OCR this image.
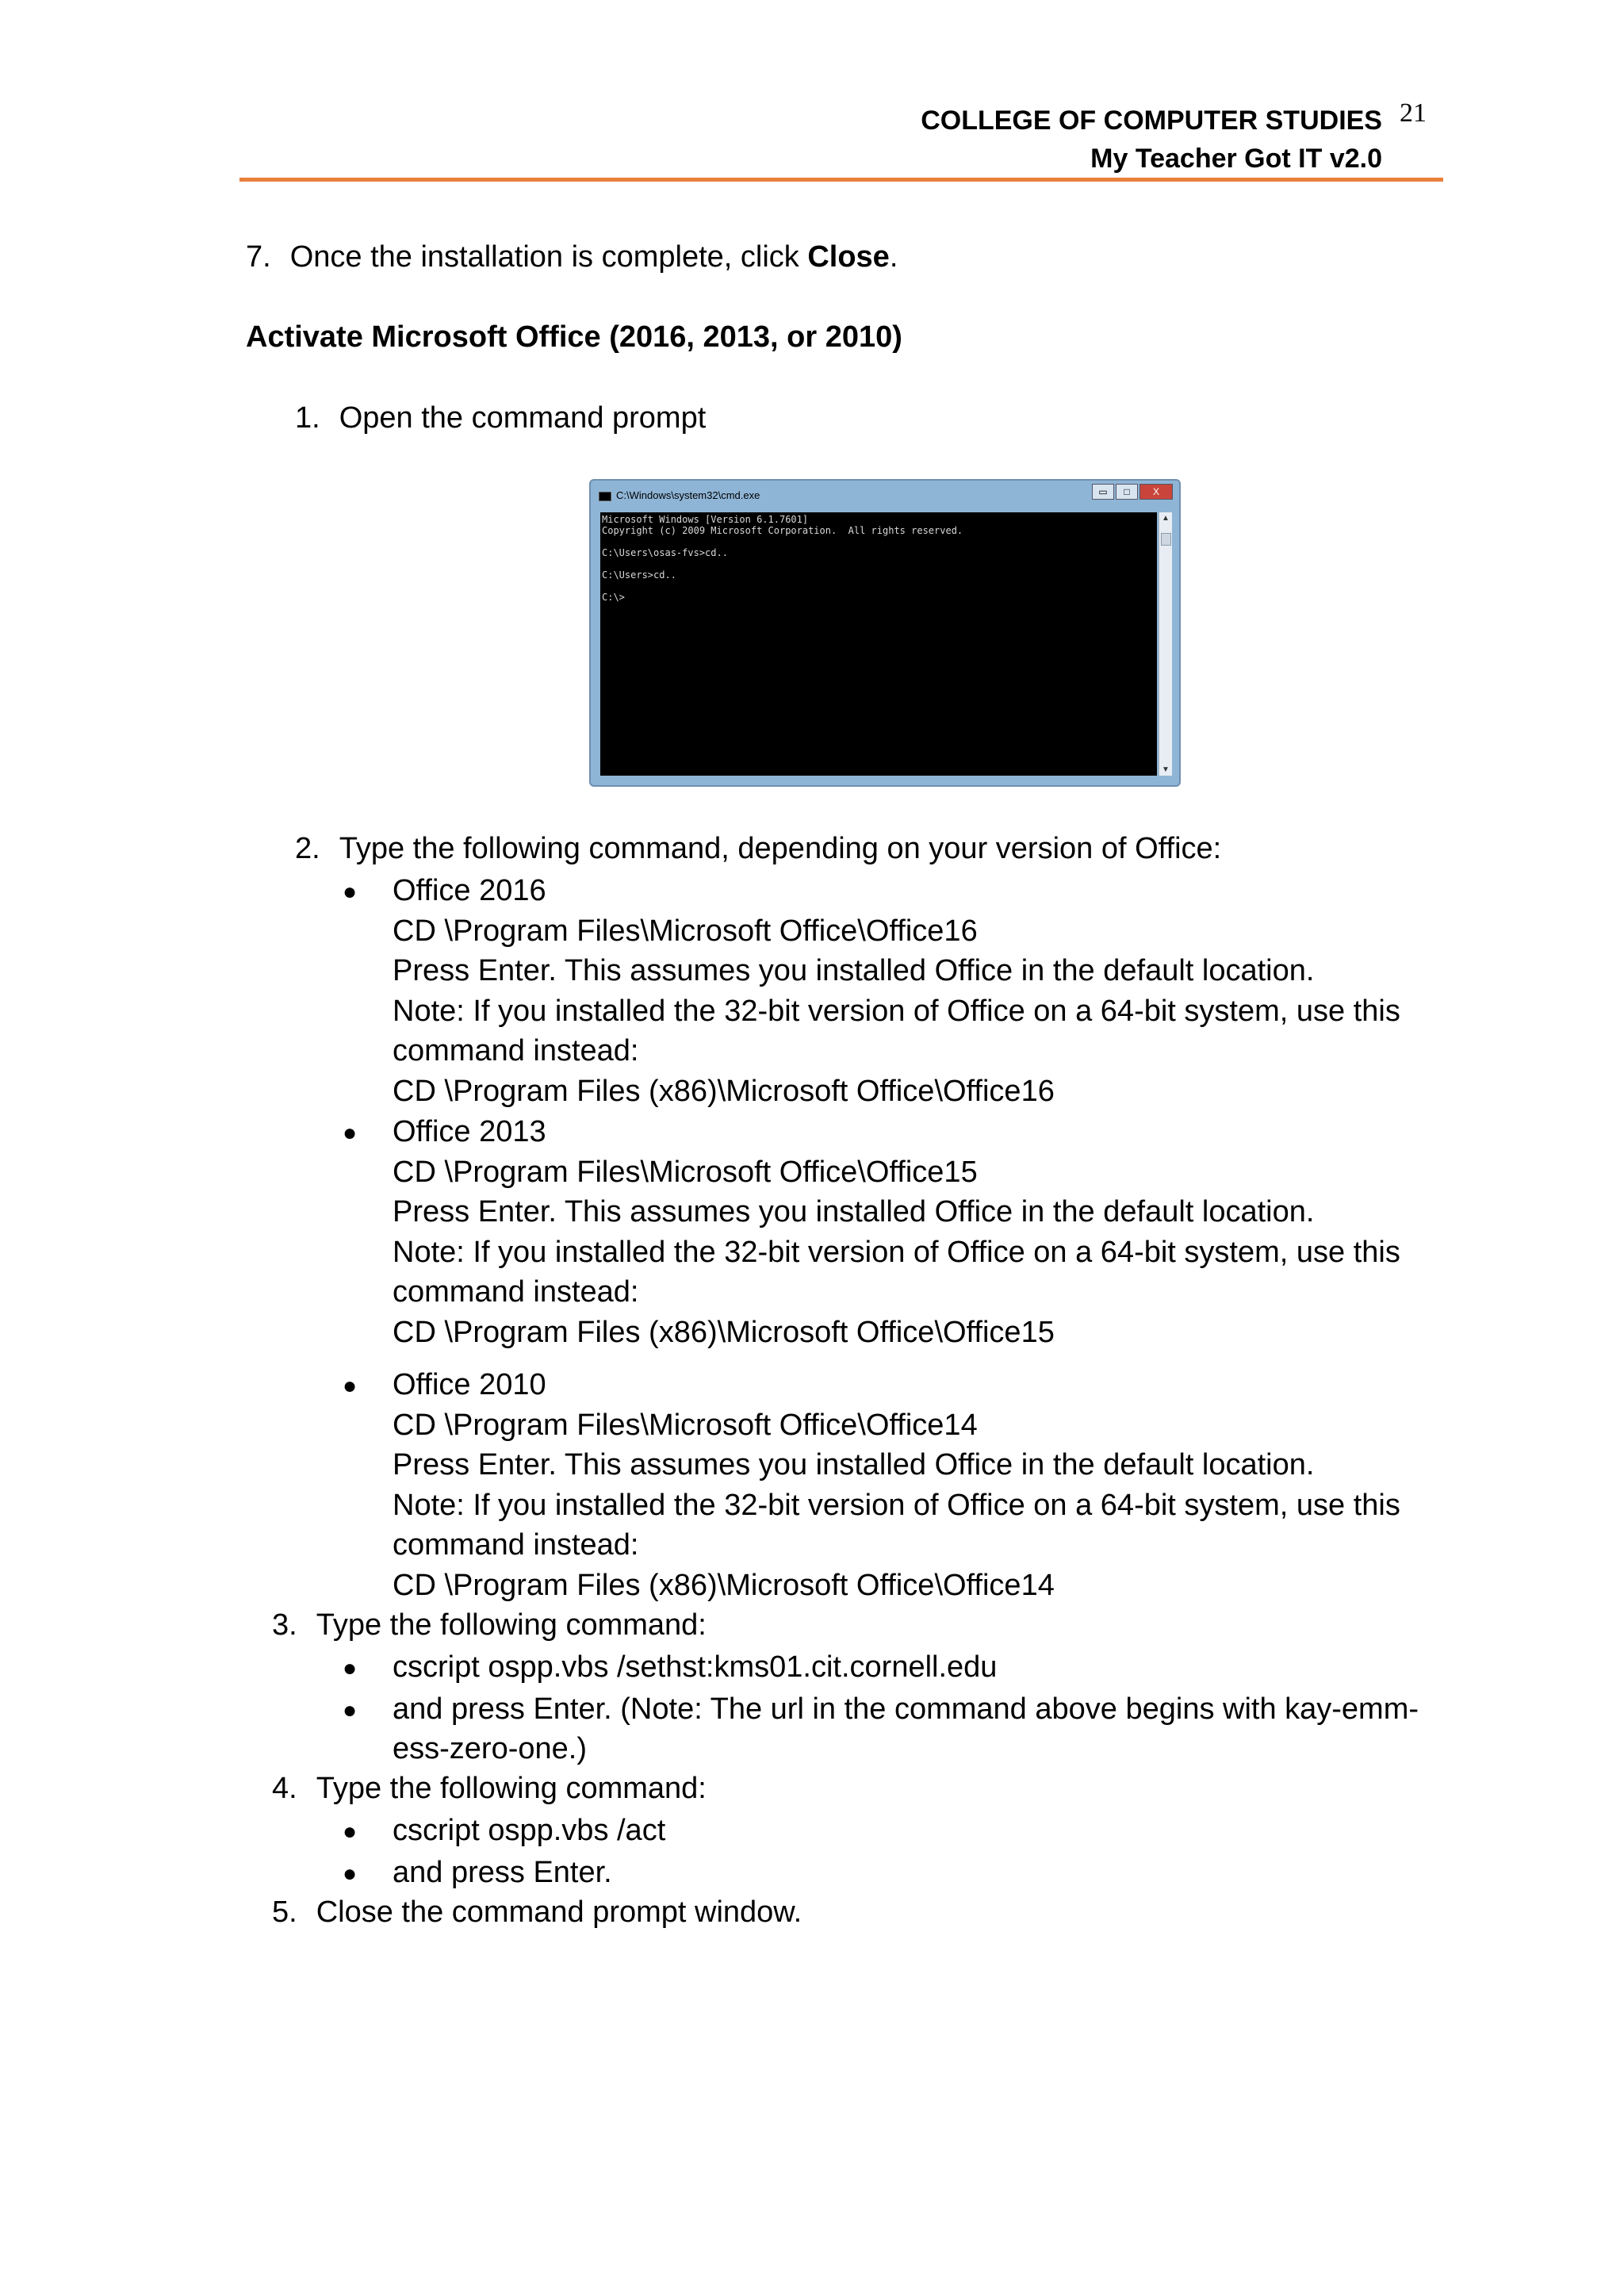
COLLEGE OF COMPUTER STUDIES
My Teacher Got IT v2.0
21
7. Once the installation is complete, click Close.
Activate Microsoft Office (2016, 2013, or 2010)
1. Open the command prompt
C:\Windows\system32\cmd.exe	▭ □ X
Microsoft Windows [Version 6.1.7601]
Copyright (c) 2009 Microsoft Corporation.  All rights reserved.

C:\Users\osas-fvs>cd..

C:\Users>cd..

C:\>
▲
▼
2. Type the following command, depending on your version of Office:
● Office 2016
CD \Program Files\Microsoft Office\Office16
Press Enter. This assumes you installed Office in the default location.
Note: If you installed the 32-bit version of Office on a 64-bit system, use this
command instead:
CD \Program Files (x86)\Microsoft Office\Office16
● Office 2013
CD \Program Files\Microsoft Office\Office15
Press Enter. This assumes you installed Office in the default location.
Note: If you installed the 32-bit version of Office on a 64-bit system, use this
command instead:
CD \Program Files (x86)\Microsoft Office\Office15
● Office 2010
CD \Program Files\Microsoft Office\Office14
Press Enter. This assumes you installed Office in the default location.
Note: If you installed the 32-bit version of Office on a 64-bit system, use this
command instead:
CD \Program Files (x86)\Microsoft Office\Office14
3. Type the following command:
● cscript ospp.vbs /sethst:kms01.cit.cornell.edu
● and press Enter. (Note: The url in the command above begins with kay-emm-
ess-zero-one.)
4. Type the following command:
● cscript ospp.vbs /act
● and press Enter.
5. Close the command prompt window.
